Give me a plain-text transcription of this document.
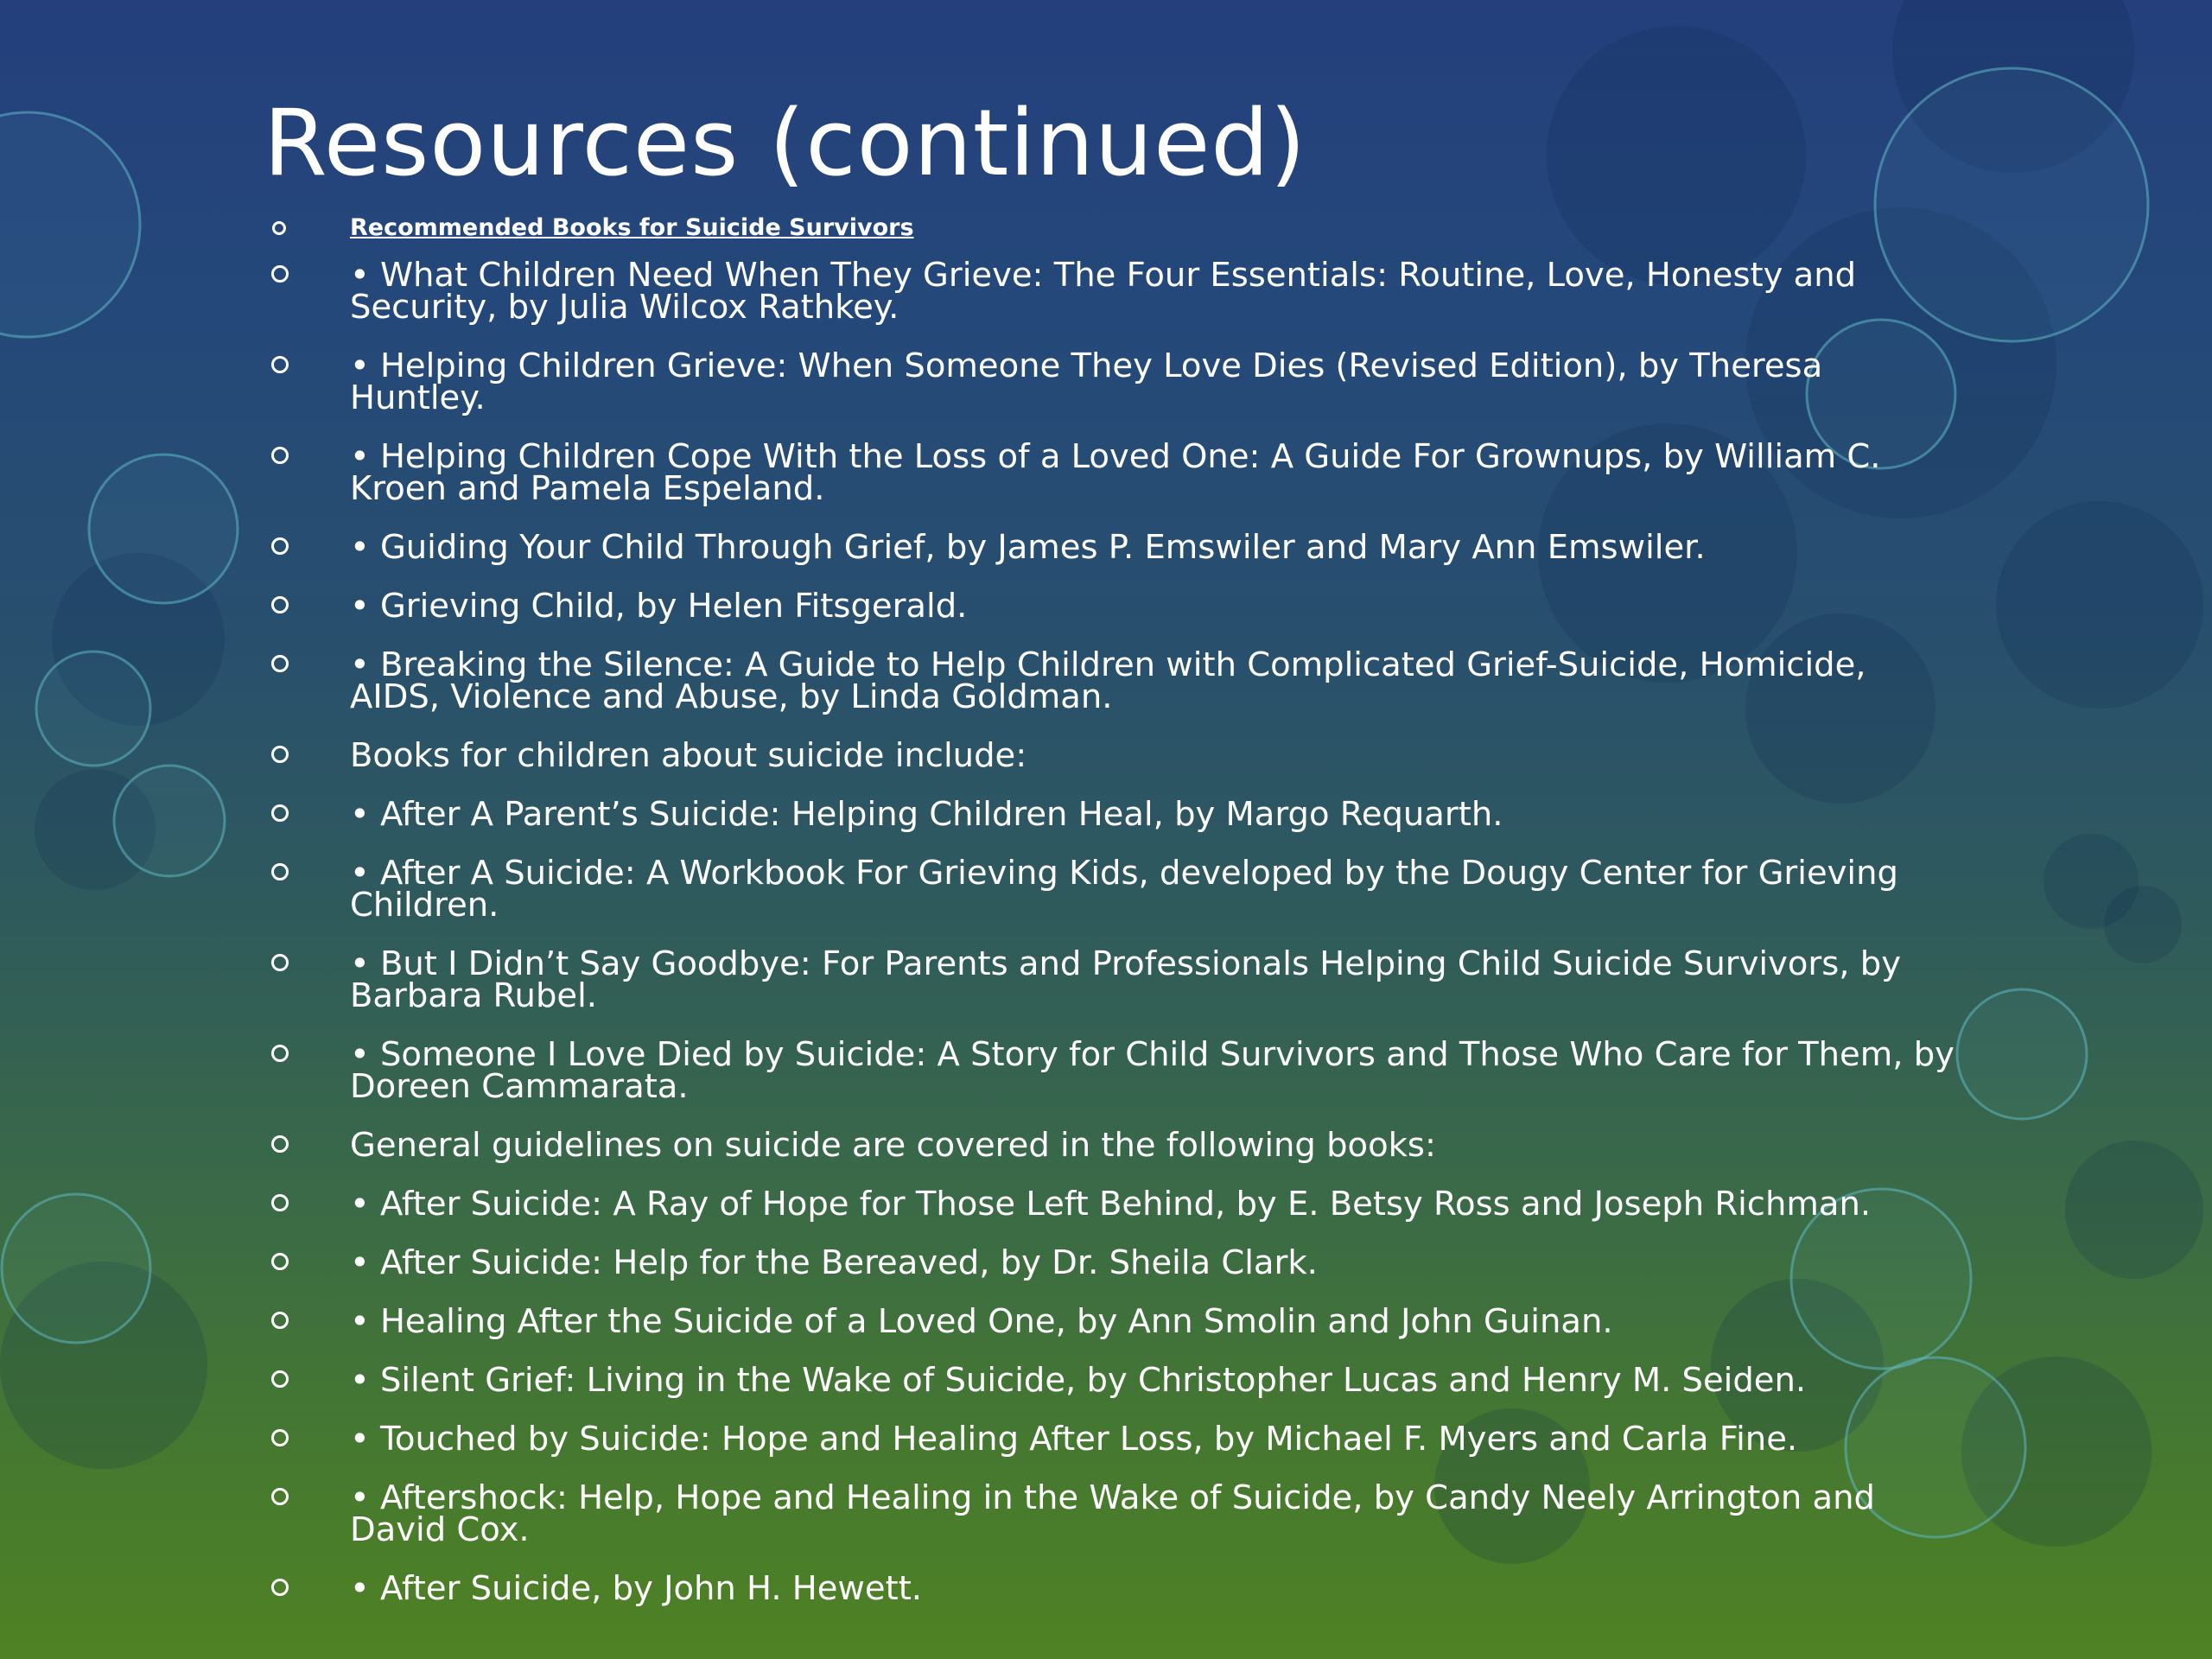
Resources (continued)
Recommended Books for Suicide Survivors
• What Children Need When They Grieve: The Four Essentials: Routine, Love, Honesty and Security, by Julia Wilcox Rathkey.
• Helping Children Grieve: When Someone They Love Dies (Revised Edition), by Theresa Huntley.
• Helping Children Cope With the Loss of a Loved One: A Guide For Grownups, by William C. Kroen and Pamela Espeland.
• Guiding Your Child Through Grief, by James P. Emswiler and Mary Ann Emswiler.
• Grieving Child, by Helen Fitsgerald.
• Breaking the Silence: A Guide to Help Children with Complicated Grief-Suicide, Homicide, AIDS, Violence and Abuse, by Linda Goldman.
Books for children about suicide include:
• After A Parent’s Suicide: Helping Children Heal, by Margo Requarth.
• After A Suicide: A Workbook For Grieving Kids, developed by the Dougy Center for Grieving Children.
• But I Didn’t Say Goodbye: For Parents and Professionals Helping Child Suicide Survivors, by Barbara Rubel.
• Someone I Love Died by Suicide: A Story for Child Survivors and Those Who Care for Them, by Doreen Cammarata.
General guidelines on suicide are covered in the following books:
• After Suicide: A Ray of Hope for Those Left Behind, by E. Betsy Ross and Joseph Richman.
• After Suicide: Help for the Bereaved, by Dr. Sheila Clark.
• Healing After the Suicide of a Loved One, by Ann Smolin and John Guinan.
• Silent Grief: Living in the Wake of Suicide, by Christopher Lucas and Henry M. Seiden.
• Touched by Suicide: Hope and Healing After Loss, by Michael F. Myers and Carla Fine.
• Aftershock: Help, Hope and Healing in the Wake of Suicide, by Candy Neely Arrington and David Cox.
• After Suicide, by John H. Hewett.
